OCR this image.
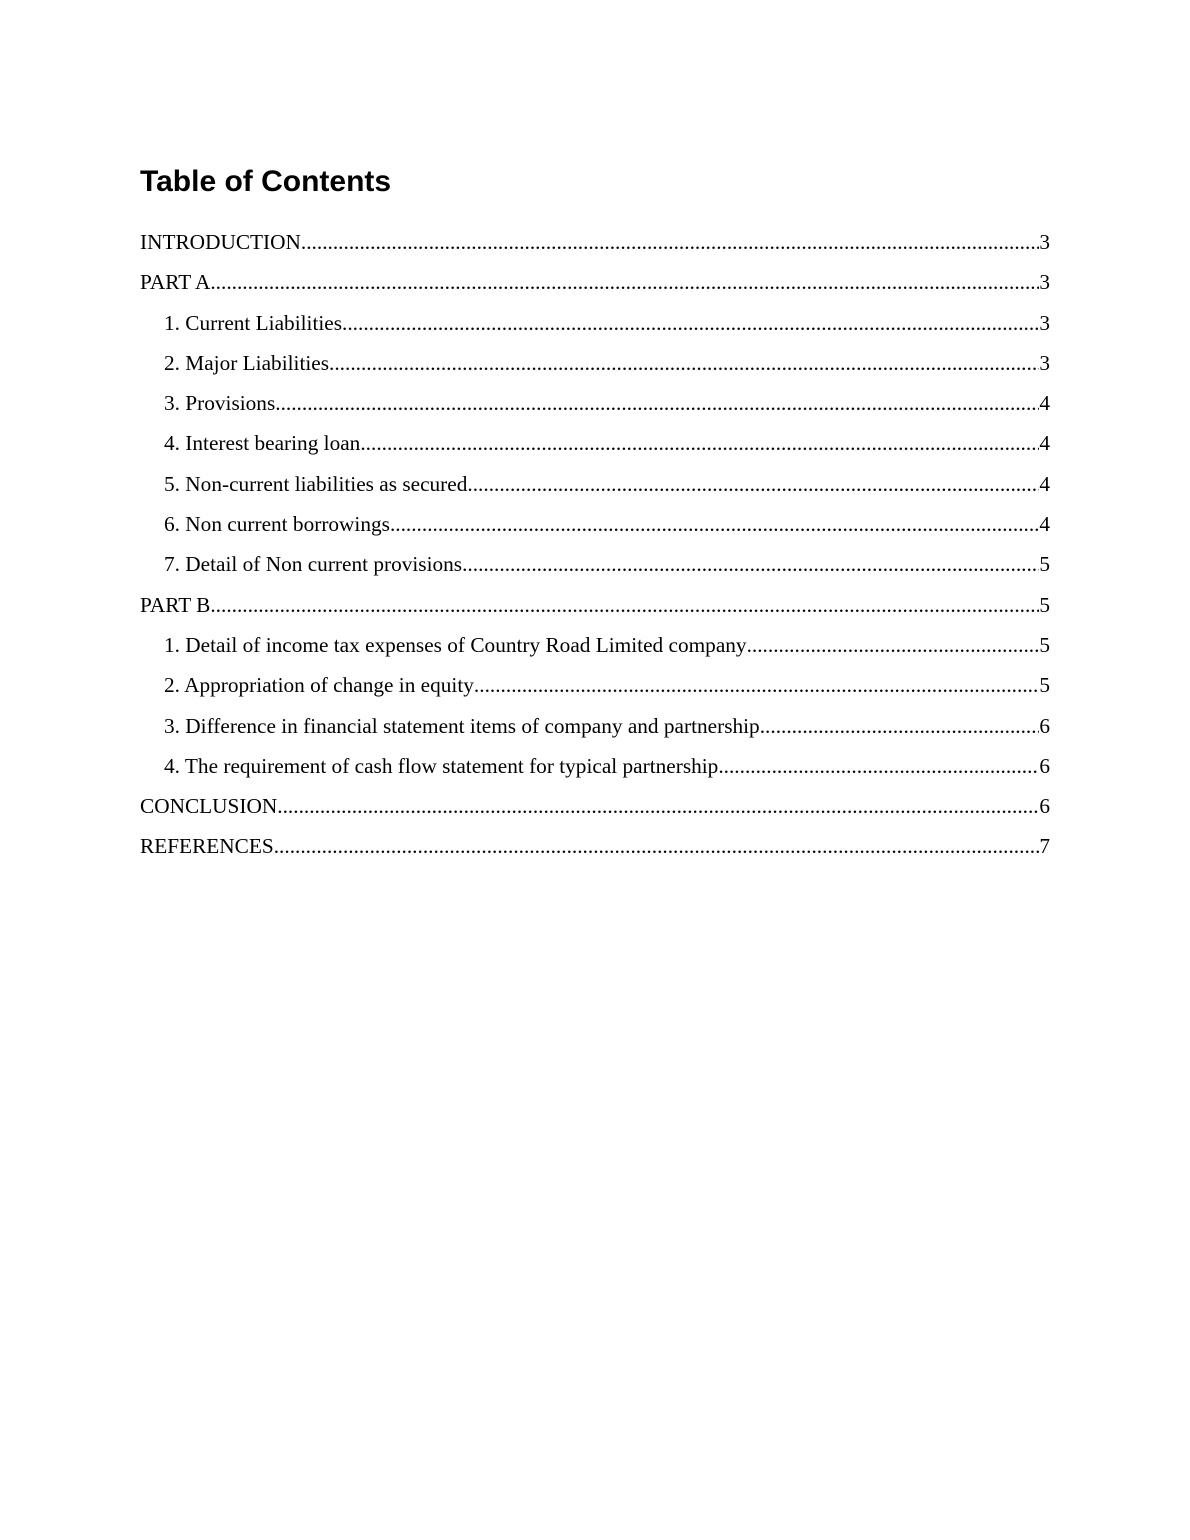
Table of Contents
INTRODUCTION .....	3
PART A .....	3
1. Current Liabilities .....	3
2. Major Liabilities .....	3
3. Provisions .....	4
4. Interest bearing loan .....	4
5. Non-current liabilities as secured .....	4
6. Non current borrowings .....	4
7. Detail of Non current provisions .....	5
PART B .....	5
1. Detail of income tax expenses of Country Road Limited company .....	5
2. Appropriation of change in equity .....	5
3. Difference in financial statement items of company and partnership .....	6
4. The requirement of cash flow statement for typical partnership .....	6
CONCLUSION .....	6
REFERENCES .....	7
